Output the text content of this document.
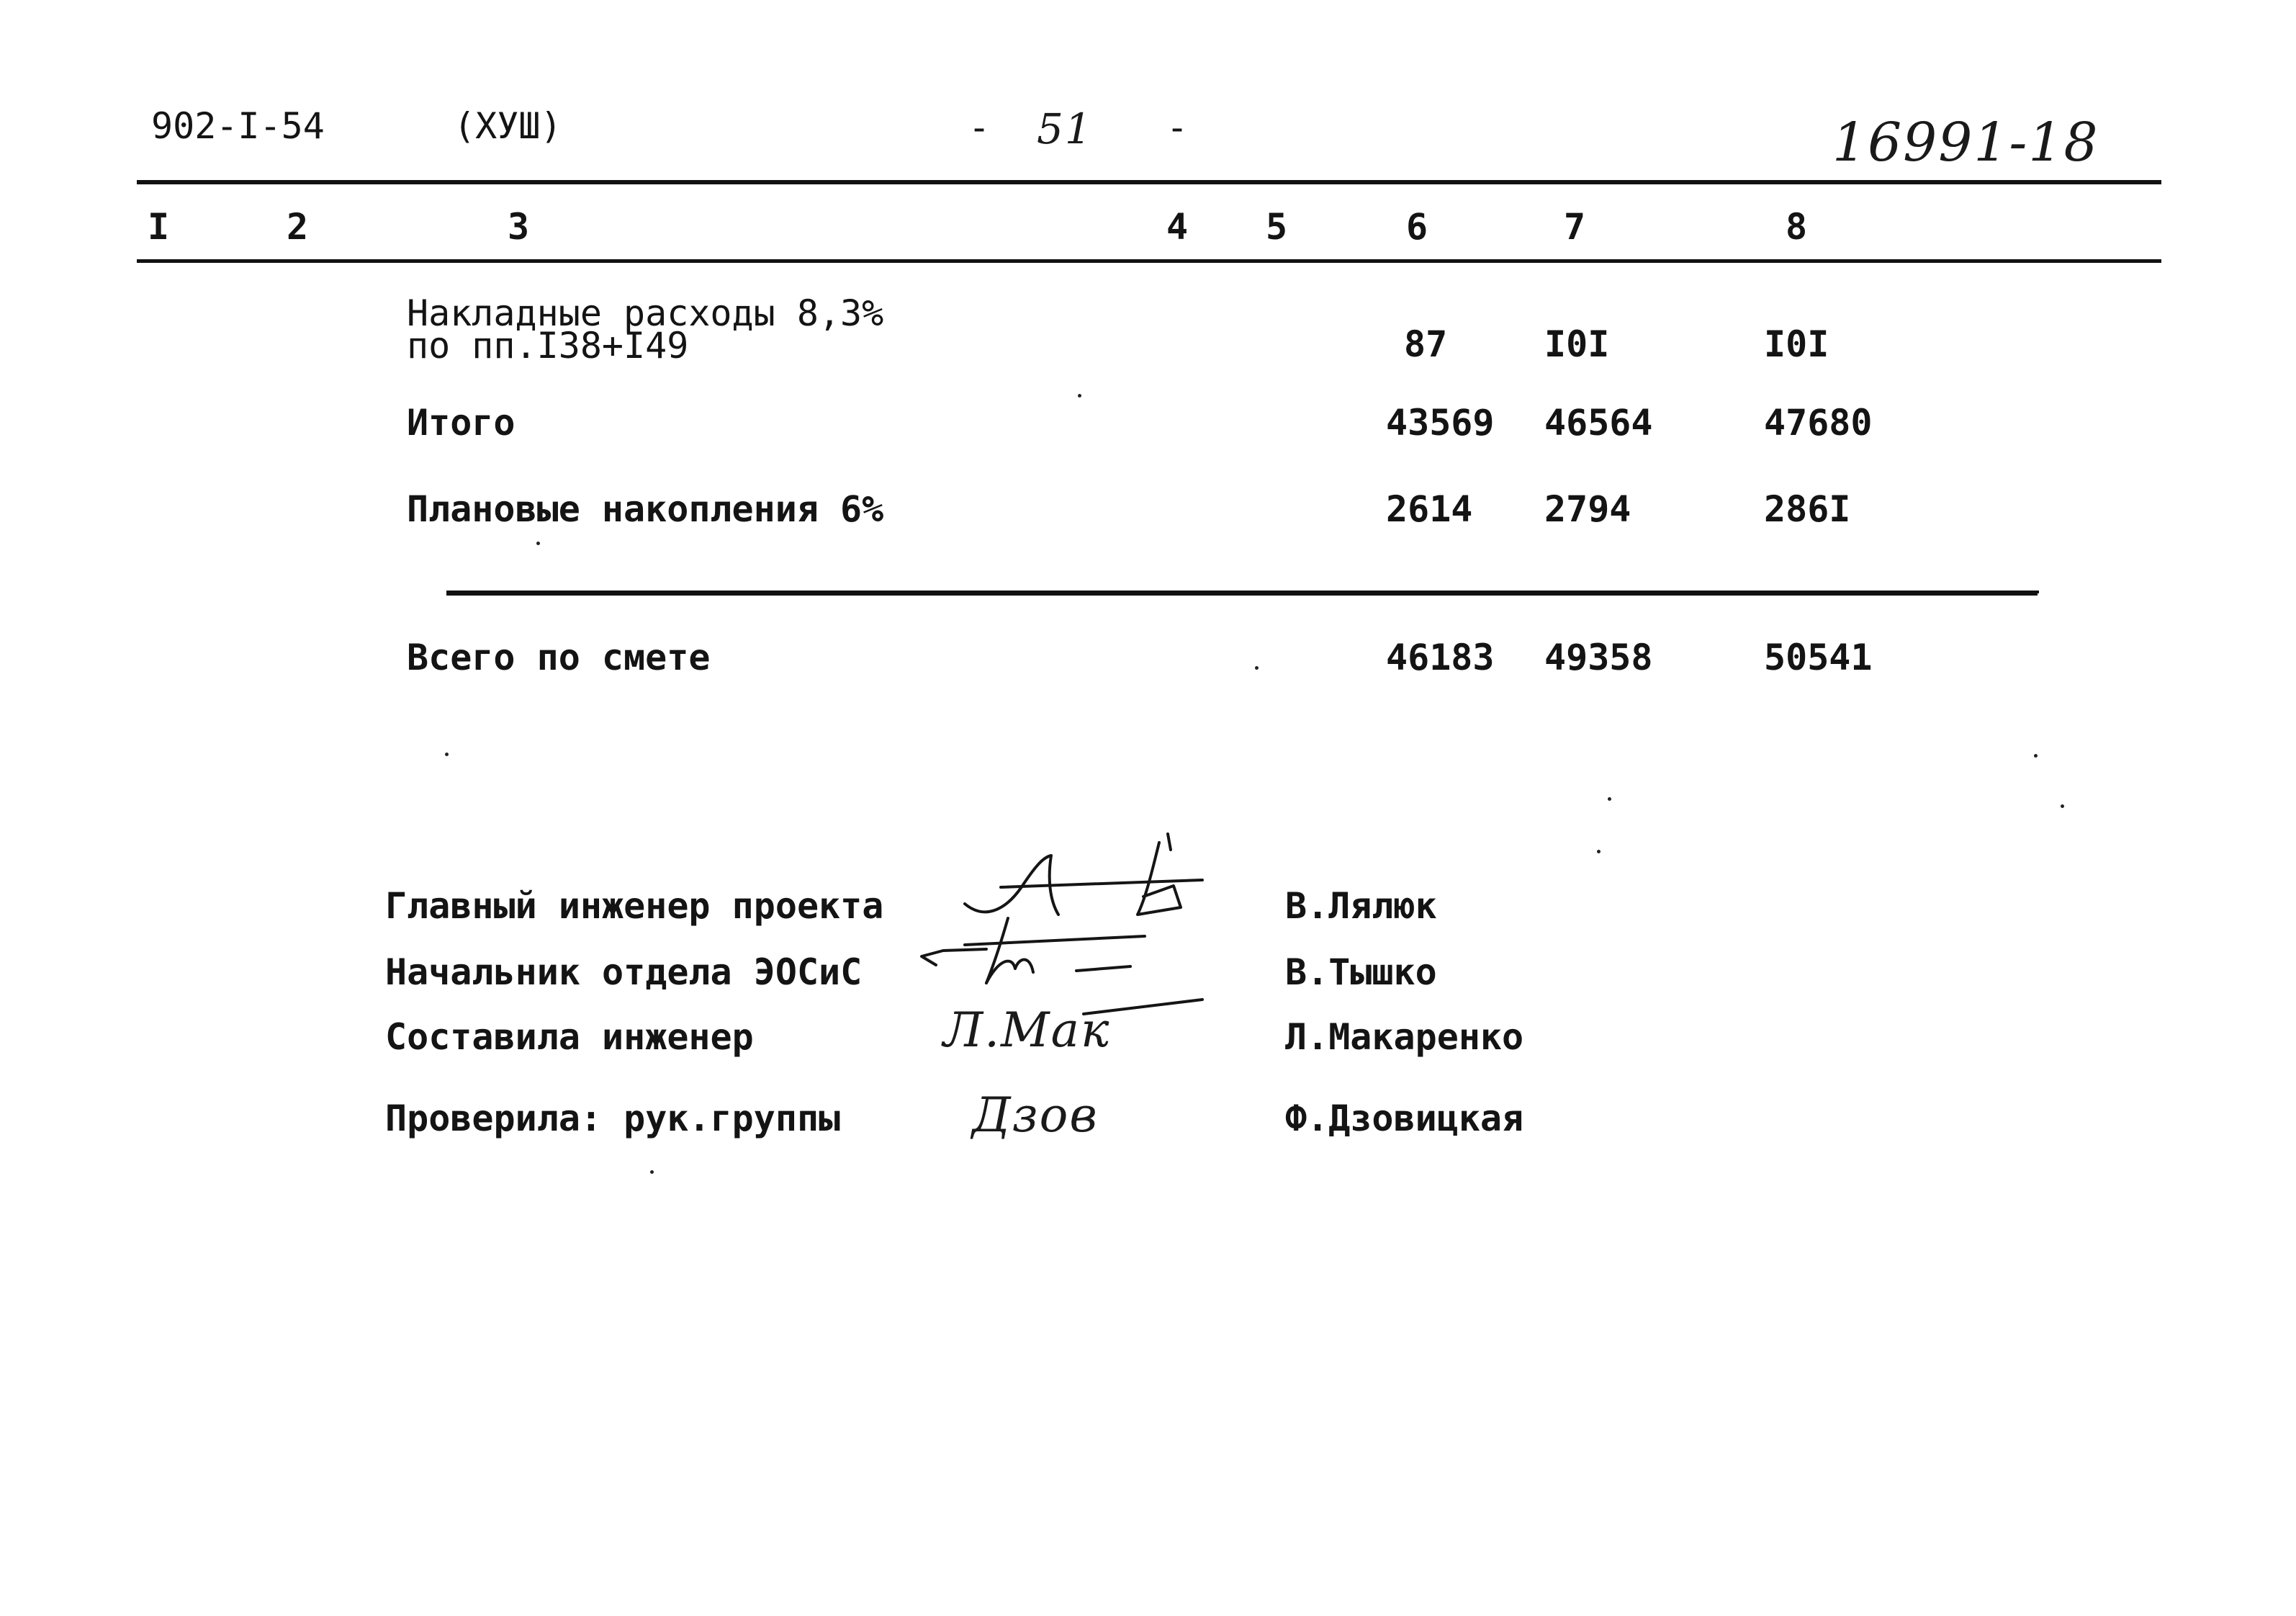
902-I-54	(ХУШ)	- 51 -	16991-18
I	2	3	4 5	6	7	8
Накладные расходы 8,3%
по пп.I38+I49	87	I0I	I0I
Итого	43569 46564	47680
Плановые накопления 6%	2614 2794	286I
Всего по смете	46183 49358	50541
Главный инженер проекта	В.Лялюк
Начальник отдела ЭОСиС	В.Тышко
Составила инженер	Л.Макаренко
Проверила: рук.группы	Ф.Дзовицкая
Л.Мак
Дзов
